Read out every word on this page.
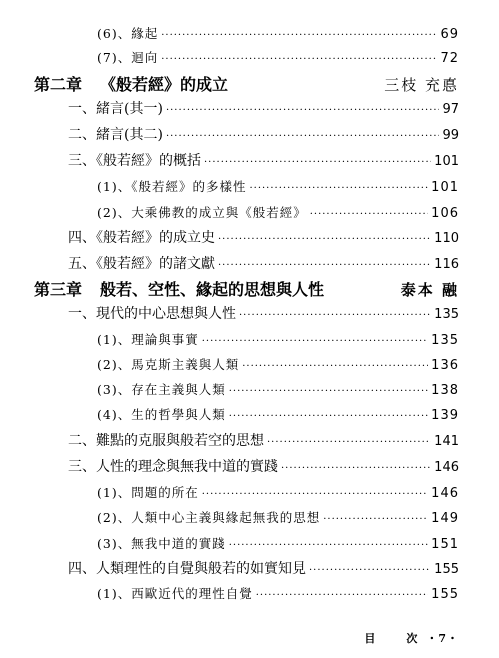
(6)、緣起 ·····	69
(7)、迴向 ·····	72
第二章 《般若經》的成立	三枝 充悳
一、緒言(其一) ·····	97
二、緒言(其二) ·····	99
三、《般若經》的概括 ·····	101
(1)、《般若經》的多樣性 ·····	101
(2)、大乘佛教的成立與《般若經》 ·····	106
四、《般若經》的成立史 ·····	110
五、《般若經》的諸文獻 ·····	116
第三章 般若、空性、緣起的思想與人性	泰本 融
一、現代的中心思想與人性 ·····	135
(1)、理論與事實 ·····	135
(2)、馬克斯主義與人類 ·····	136
(3)、存在主義與人類 ·····	138
(4)、生的哲學與人類 ·····	139
二、難點的克服與般若空的思想 ·····	141
三、人性的理念與無我中道的實踐 ·····	146
(1)、問題的所在 ·····	146
(2)、人類中心主義與緣起無我的思想 ·····	149
(3)、無我中道的實踐 ·····	151
四、人類理性的自覺與般若的如實知見 ·····	155
(1)、西歐近代的理性自覺 ·····	155
目	次 ・7・
